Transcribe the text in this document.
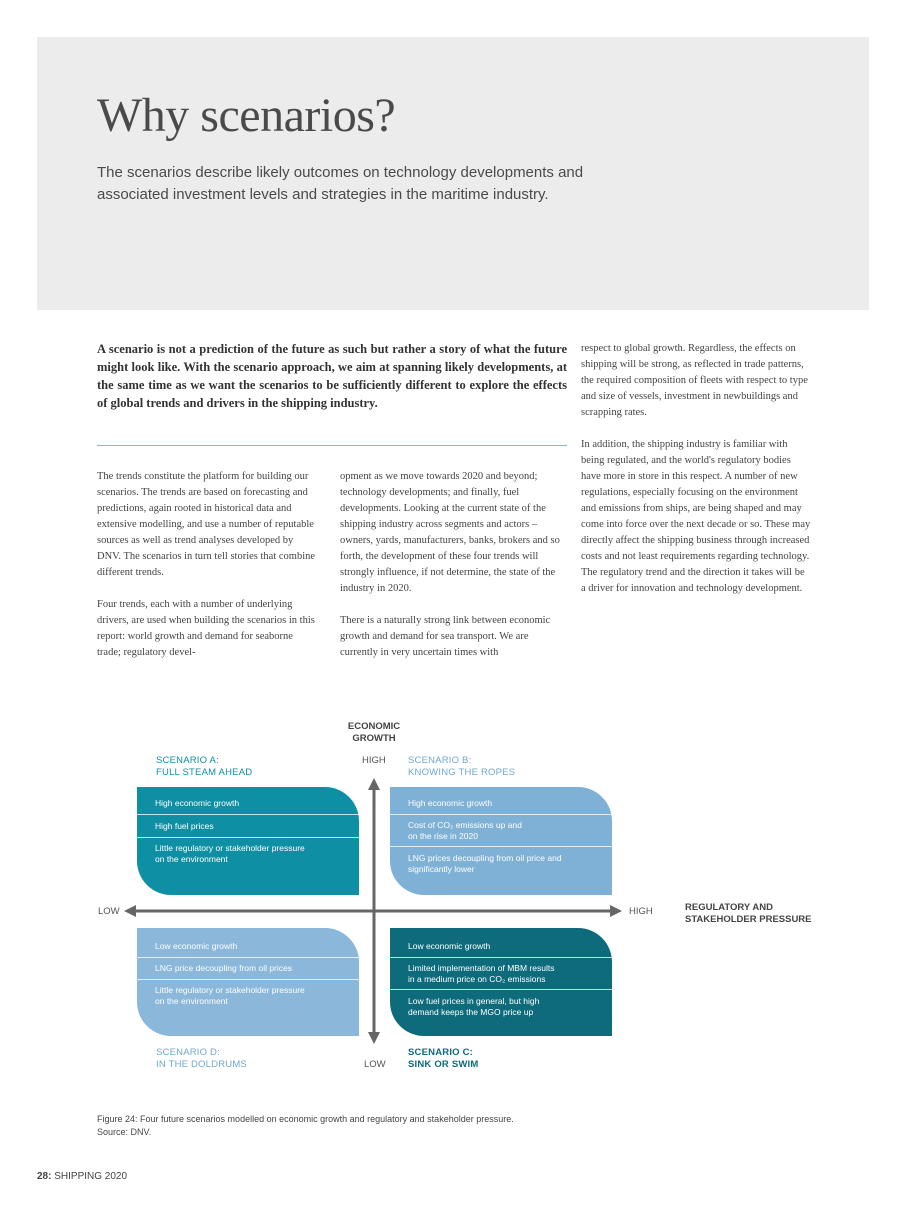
Why scenarios?
The scenarios describe likely outcomes on technology developments and associated investment levels and strategies in the maritime industry.
A scenario is not a prediction of the future as such but rather a story of what the future might look like. With the scenario approach, we aim at spanning likely developments, at the same time as we want the scenarios to be sufficiently different to explore the effects of global trends and drivers in the shipping industry.

The trends constitute the platform for building our scenarios. The trends are based on forecasting and predictions, again rooted in historical data and extensive modelling, and use a number of reputable sources as well as trend analyses developed by DNV. The scenarios in turn tell stories that combine different trends.

Four trends, each with a number of underlying drivers, are used when building the scenarios in this report: world growth and demand for seaborne trade; regulatory devel-

opment as we move towards 2020 and beyond; technology developments; and finally, fuel developments. Looking at the current state of the shipping industry across segments and actors – owners, yards, manufacturers, banks, brokers and so forth, the development of these four trends will strongly influence, if not determine, the state of the industry in 2020.

There is a naturally strong link between economic growth and demand for sea transport. We are currently in very uncertain times with

respect to global growth. Regardless, the effects on shipping will be strong, as reflected in trade patterns, the required composition of fleets with respect to type and size of vessels, investment in newbuildings and scrapping rates.

In addition, the shipping industry is familiar with being regulated, and the world's regulatory bodies have more in store in this respect. A number of new regulations, especially focusing on the environment and emissions from ships, are being shaped and may come into force over the next decade or so. These may directly affect the shipping business through increased costs and not least requirements regarding technology. The regulatory trend and the direction it takes will be a driver for innovation and technology development.

ECONOMIC
GROWTH
HIGH
LOW
LOW	HIGH	REGULATORY AND
STAKEHOLDER PRESSURE
SCENARIO A:
FULL STEAM AHEAD
High economic growth
High fuel prices
Little regulatory or stakeholder pressure
on the environment
SCENARIO B:
KNOWING THE ROPES
High economic growth
Cost of CO₂ emissions up and
on the rise in 2020
LNG prices decoupling from oil price and
significantly lower
Low economic growth
LNG price decoupling from oil prices
Little regulatory or stakeholder pressure
on the environment
SCENARIO D:
IN THE DOLDRUMS
Low economic growth
Limited implementation of MBM results
in a medium price on CO₂ emissions
Low fuel prices in general, but high
demand keeps the MGO price up
SCENARIO C:
SINK OR SWIM
Figure 24: Four future scenarios modelled on economic growth and regulatory and stakeholder pressure.
Source: DNV.
28: SHIPPING 2020
